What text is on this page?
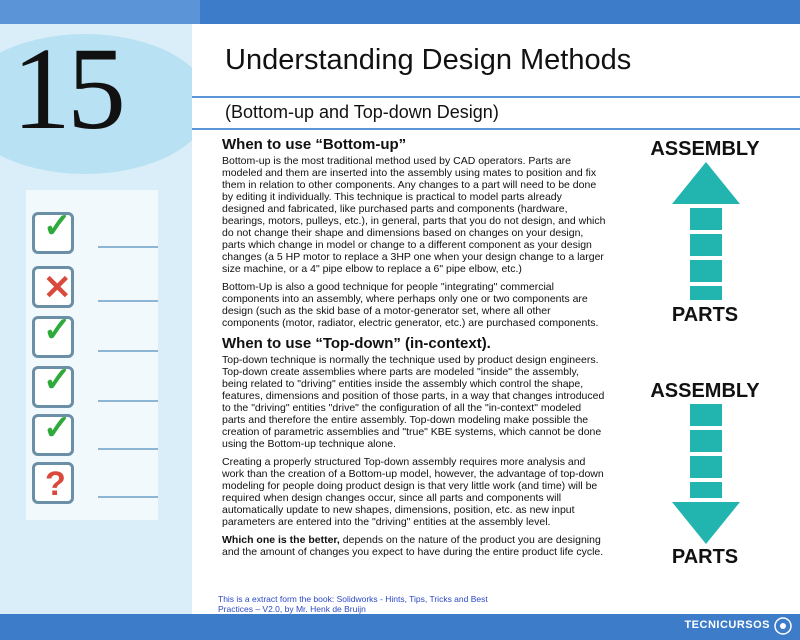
15
✓
✕
✓
✓
✓
?
Understanding Design Methods
(Bottom-up and Top-down Design)
When to use “Bottom-up”

Bottom-up is the most traditional method used by CAD operators. Parts are modeled and them are inserted into the assembly using mates to position and fix them in relation to other components. Any changes to a part will need to be done by editing it individually. This technique is practical to model parts already designed and fabricated, like purchased parts and components (hardware, bearings, motors, pulleys, etc.), in general, parts that you do not design, and which do not change their shape and dimensions based on changes on your design, parts which change in model or change to a different component as your design changes (a 5 HP motor to replace a 3HP one when your design change to a larger size machine, or a 4" pipe elbow to replace a 6" pipe elbow, etc.)

Bottom-Up is also a good technique for people "integrating" commercial components into an assembly, where perhaps only one or two components are design (such as the skid base of a motor-generator set, where all other components (motor, radiator, electric generator, etc.) are purchased components.

When to use “Top-down” (in-context).

Top-down technique is normally the technique used by product design engineers. Top-down create assemblies where parts are modeled "inside" the assembly, being related to "driving" entities inside the assembly which control the shape, features, dimensions and position of those parts, in a way that changes introduced to the "driving" entities "drive" the configuration of all the "in-context" modeled parts and therefore the entire assembly. Top-down modeling make possible the creation of parametric assemblies and "true" KBE systems, which cannot be done using the Bottom-up technique alone.

Creating a properly structured Top-down assembly requires more analysis and work than the creation of a Bottom-up model, however, the advantage of top-down modeling for people doing product design is that very little work (and time) will be required when design changes occur, since all parts and components will automatically update to new shapes, dimensions, position, etc. as new input parameters are entered into the "driving" entities at the assembly level.

Which one is the better, depends on the nature of the product you are designing and the amount of changes you expect to have during the entire product life cycle.

This is a extract form the book: Solidworks - Hints, Tips, Tricks and Best Practices – V2.0, by Mr. Henk de Bruijn
ASSEMBLY
PARTS
ASSEMBLY
PARTS
TECNICURSOS
